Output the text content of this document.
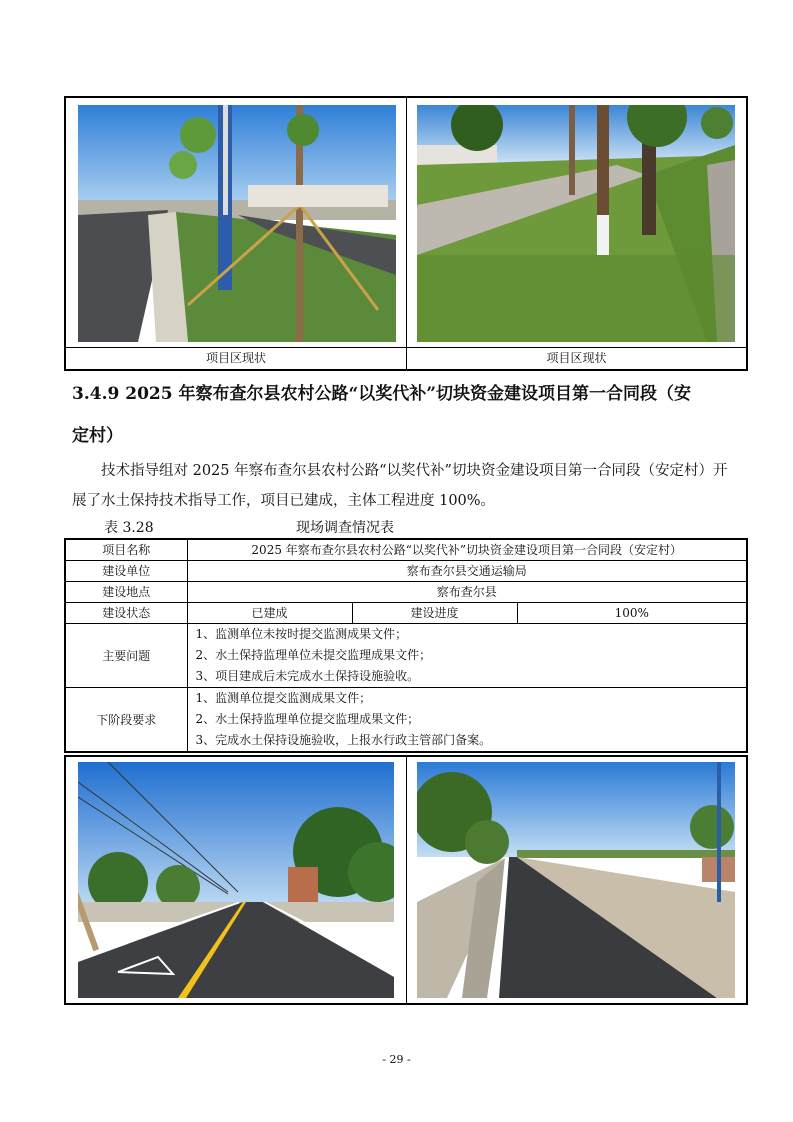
项目区现状	项目区现状
3.4.9 2025 年察布查尔县农村公路“以奖代补”切块资金建设项目第一合同段（安
定村）
技术指导组对 2025 年察布查尔县农村公路“以奖代补”切块资金建设项目第一合同段（安定村）开展了水土保持技术指导工作，项目已建成，主体工程进度 100%。
表 3.28	现场调查情况表
项目名称	2025 年察布查尔县农村公路“以奖代补”切块资金建设项目第一合同段（安定村）		
建设单位	察布查尔县交通运输局		
建设地点	察布查尔县		
建设状态	已建成	建设进度	100%
主要问题	1、监测单位未按时提交监测成果文件；
2、水土保持监理单位未提交监理成果文件；
3、项目建成后未完成水土保持设施验收。		

下阶段要求	1、监测单位提交监测成果文件；
2、水土保持监理单位提交监理成果文件；
3、完成水土保持设施验收，上报水行政主管部门备案。		
- 29 -
